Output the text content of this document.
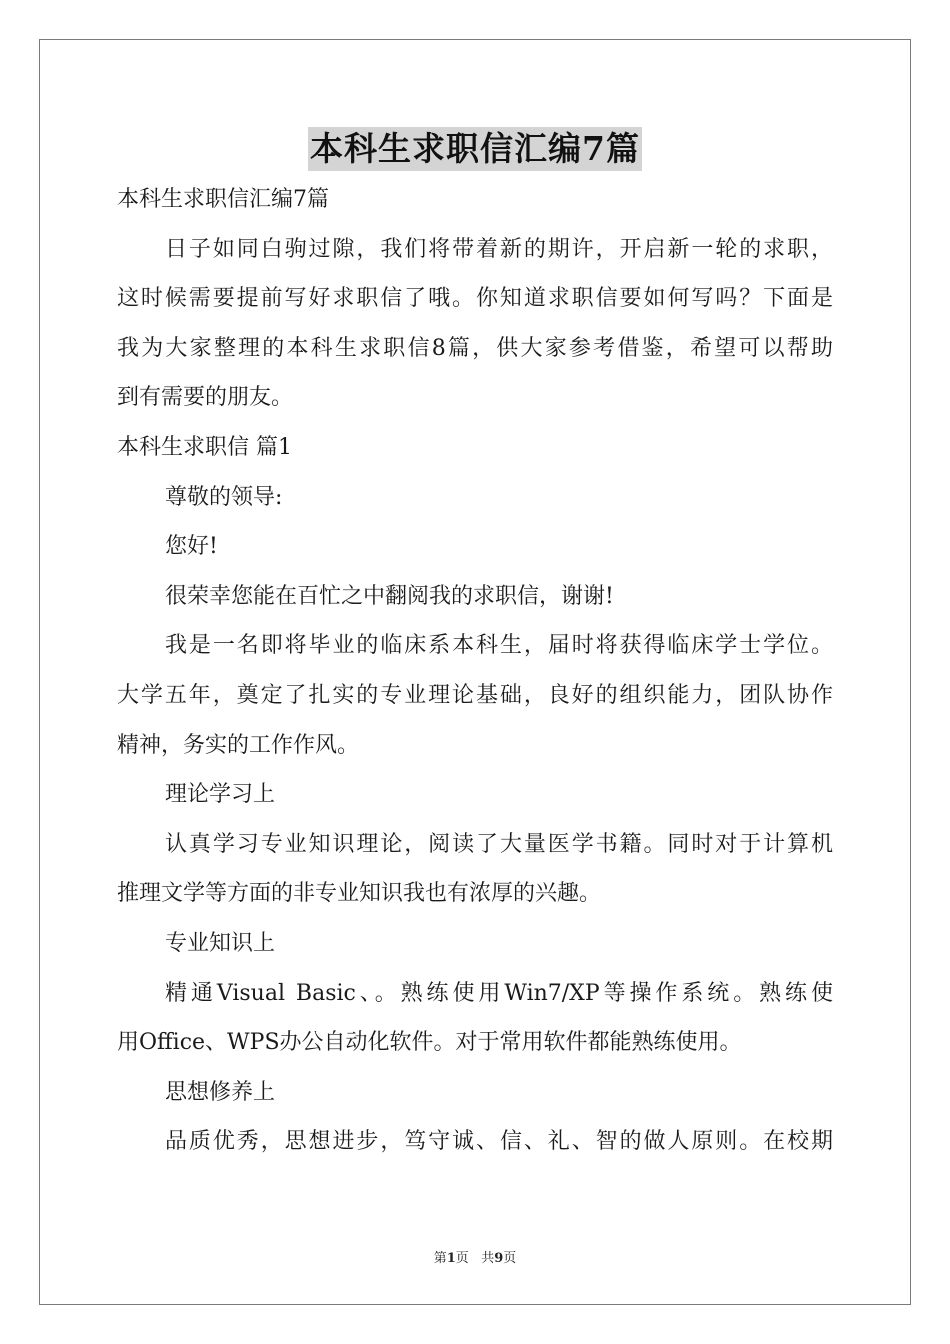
本科生求职信汇编7篇

本科生求职信汇编7篇

日子如同白驹过隙，我们将带着新的期许，开启新一轮的求职，

这时候需要提前写好求职信了哦。你知道求职信要如何写吗？下面是

我为大家整理的本科生求职信8篇，供大家参考借鉴，希望可以帮助

到有需要的朋友。

本科生求职信 篇1

尊敬的领导:

您好!

很荣幸您能在百忙之中翻阅我的求职信，谢谢!

我是一名即将毕业的临床系本科生，届时将获得临床学士学位。

大学五年，奠定了扎实的专业理论基础，良好的组织能力，团队协作

精神，务实的工作作风。

理论学习上

认真学习专业知识理论，阅读了大量医学书籍。同时对于计算机

推理文学等方面的非专业知识我也有浓厚的兴趣。

专业知识上

精通Visual Basic、。熟练使用Win7/XP等操作系统。熟练使

用Office、WPS办公自动化软件。对于常用软件都能熟练使用。

思想修养上

品质优秀，思想进步，笃守诚、信、礼、智的做人原则。在校期

第1页 共9页
